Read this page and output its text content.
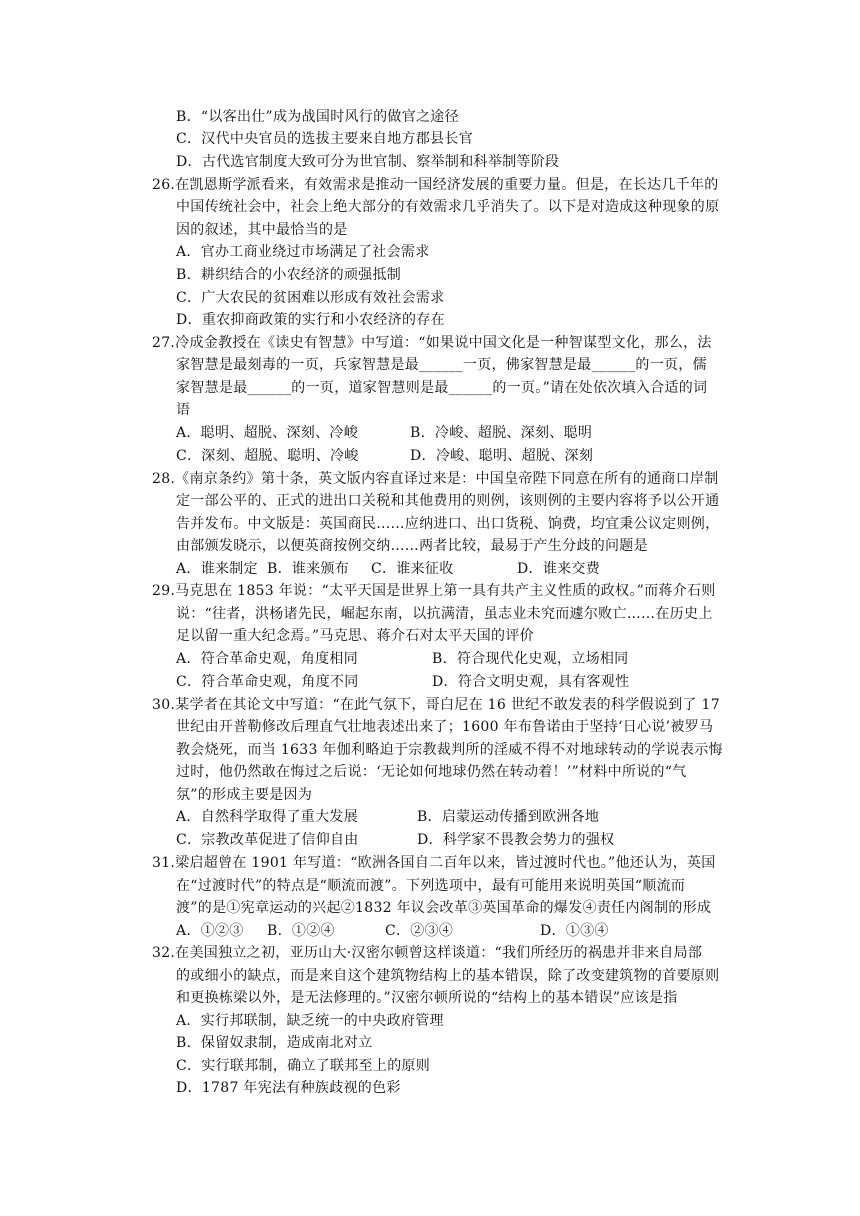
B．“以客出仕”成为战国时风行的做官之途径
C．汉代中央官员的选拔主要来自地方郡县长官
D．古代选官制度大致可分为世官制、察举制和科举制等阶段
26.在凯恩斯学派看来，有效需求是推动一国经济发展的重要力量。但是，在长达几千年的
中国传统社会中，社会上绝大部分的有效需求几乎消失了。以下是对造成这种现象的原
因的叙述，其中最恰当的是
A．官办工商业绕过市场满足了社会需求
B．耕织结合的小农经济的顽强抵制
C．广大农民的贫困难以形成有效社会需求
D．重农抑商政策的实行和小农经济的存在
27.冷成金教授在《读史有智慧》中写道：“如果说中国文化是一种智谋型文化，那么，法
家智慧是最刻毒的一页，兵家智慧是最______一页，佛家智慧是最______的一页，儒
家智慧是最______的一页，道家智慧则是最______的一页。”请在处依次填入合适的词
语
A．聪明、超脱、深刻、冷峻	B．冷峻、超脱、深刻、聪明
C．深刻、超脱、聪明、冷峻	D．冷峻、聪明、超脱、深刻
28.《南京条约》第十条，英文版内容直译过来是：中国皇帝陛下同意在所有的通商口岸制
定一部公平的、正式的进出口关税和其他费用的则例，该则例的主要内容将予以公开通
告并发布。中文版是：英国商民……应纳进口、出口货税、饷费，均宜秉公议定则例，
由部颁发晓示，以便英商按例交纳……两者比较，最易于产生分歧的问题是
A．谁来制定 B．谁来颁布 C．谁来征收	D．谁来交费
29.马克思在 1853 年说：“太平天国是世界上第一具有共产主义性质的政权。”而蒋介石则
说：“往者，洪杨诸先民，崛起东南，以抗满清，虽志业未究而遽尔败亡……在历史上
足以留一重大纪念焉。”马克思、蒋介石对太平天国的评价
A．符合革命史观，角度相同	B．符合现代化史观，立场相同
C．符合革命史观，角度不同	D．符合文明史观，具有客观性
30.某学者在其论文中写道：“在此气氛下，哥白尼在 16 世纪不敢发表的科学假说到了 17
世纪由开普勒修改后理直气壮地表述出来了；1600 年布鲁诺由于坚持‘日心说’被罗马
教会烧死，而当 1633 年伽利略迫于宗教裁判所的淫威不得不对地球转动的学说表示悔
过时，他仍然敢在悔过之后说：‘无论如何地球仍然在转动着！’”材料中所说的“气
氛”的形成主要是因为
A．自然科学取得了重大发展	B．启蒙运动传播到欧洲各地
C．宗教改革促进了信仰自由	D．科学家不畏教会势力的强权
31.梁启超曾在 1901 年写道：“欧洲各国自二百年以来，皆过渡时代也。”他还认为，英国
在“过渡时代”的特点是“顺流而渡”。下列选项中，最有可能用来说明英国“顺流而
渡”的是①宪章运动的兴起②1832 年议会改革③英国革命的爆发④责任内阁制的形成
A．①②③ B．①②④	C．②③④	D．①③④
32.在美国独立之初，亚历山大·汉密尔顿曾这样谈道：“我们所经历的祸患并非来自局部
的或细小的缺点，而是来自这个建筑物结构上的基本错误，除了改变建筑物的首要原则
和更换栋梁以外，是无法修理的。”汉密尔顿所说的“结构上的基本错误”应该是指
A．实行邦联制，缺乏统一的中央政府管理
B．保留奴隶制，造成南北对立
C．实行联邦制，确立了联邦至上的原则
D．1787 年宪法有种族歧视的色彩
